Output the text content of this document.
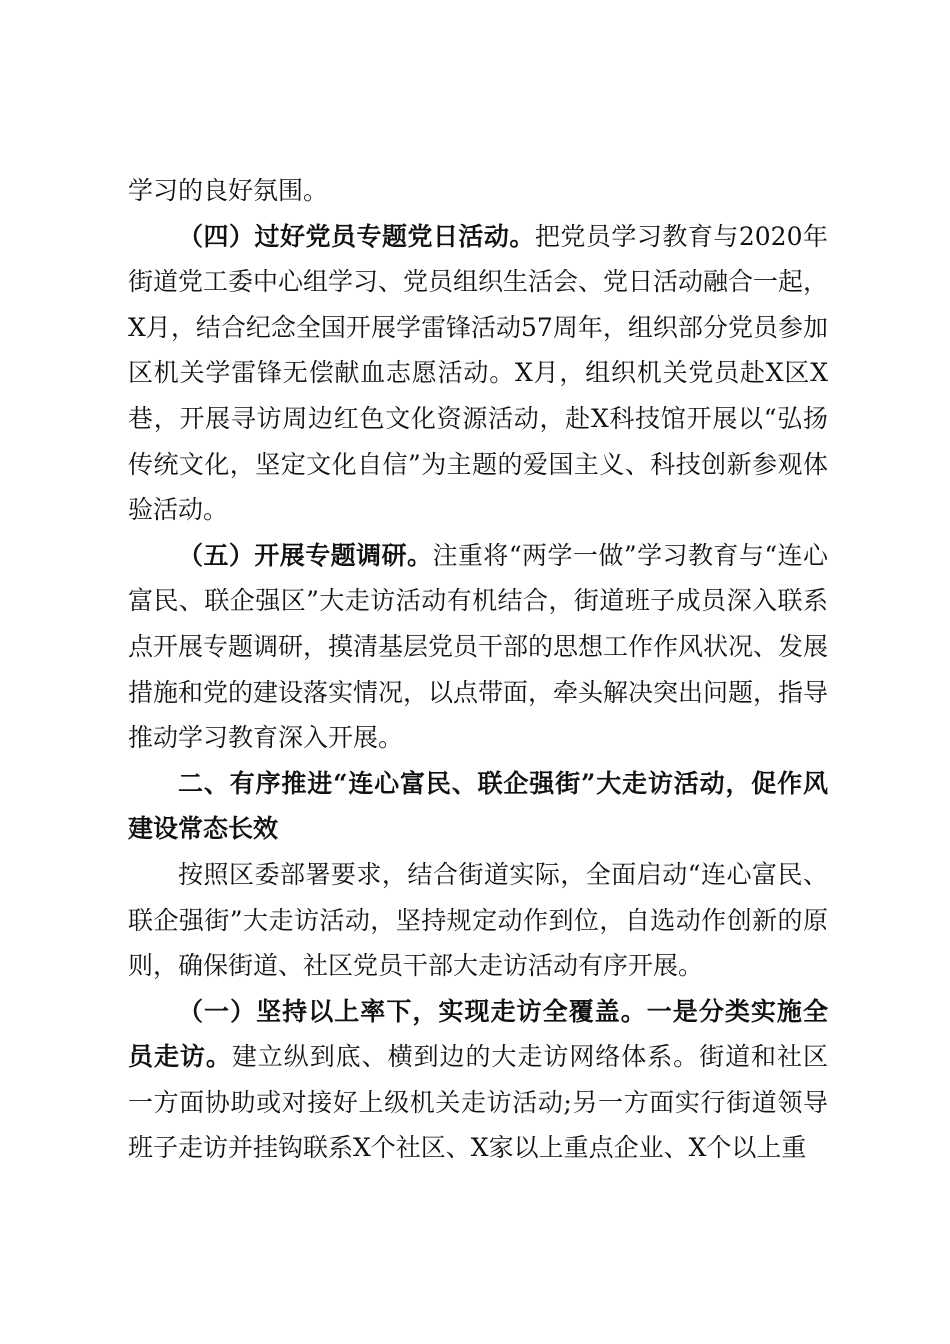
学习的良好氛围。

（四）过好党员专题党日活动。把党员学习教育与2020年街道党工委中心组学习、党员组织生活会、党日活动融合一起，X月，结合纪念全国开展学雷锋活动57周年，组织部分党员参加区机关学雷锋无偿献血志愿活动。X月，组织机关党员赴X区X巷，开展寻访周边红色文化资源活动，赴X科技馆开展以“弘扬传统文化，坚定文化自信”为主题的爱国主义、科技创新参观体验活动。

（五）开展专题调研。注重将“两学一做”学习教育与“连心富民、联企强区”大走访活动有机结合，街道班子成员深入联系点开展专题调研，摸清基层党员干部的思想工作作风状况、发展措施和党的建设落实情况，以点带面，牵头解决突出问题，指导推动学习教育深入开展。

二、有序推进“连心富民、联企强街”大走访活动，促作风建设常态长效

按照区委部署要求，结合街道实际，全面启动“连心富民、联企强街”大走访活动，坚持规定动作到位，自选动作创新的原则，确保街道、社区党员干部大走访活动有序开展。

（一）坚持以上率下，实现走访全覆盖。一是分类实施全员走访。建立纵到底、横到边的大走访网络体系。街道和社区一方面协助或对接好上级机关走访活动;另一方面实行街道领导班子走访并挂钩联系X个社区、X家以上重点企业、X个以上重
